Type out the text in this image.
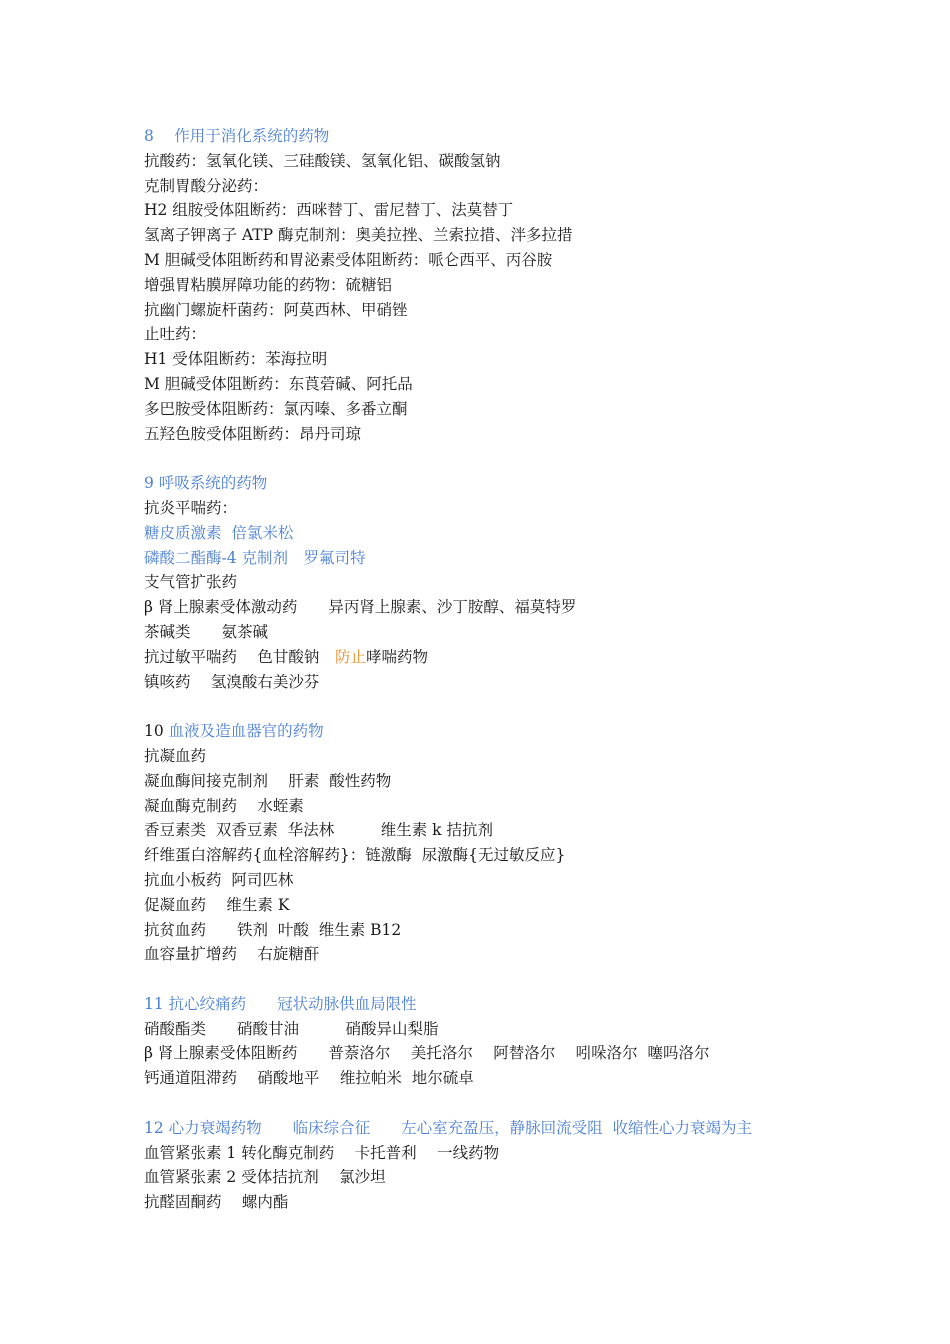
8　 作用于消化系统的药物
抗酸药：氢氧化镁、三硅酸镁、氢氧化铝、碳酸氢钠
克制胃酸分泌药：
H2 组胺受体阻断药：西咪替丁、雷尼替丁、法莫替丁
氢离子钾离子 ATP 酶克制剂：奥美拉挫、兰索拉措、泮多拉措
M 胆碱受体阻断药和胃泌素受体阻断药：哌仑西平、丙谷胺
增强胃粘膜屏障功能的药物：硫糖铝
抗幽门螺旋杆菌药：阿莫西林、甲硝锉
止吐药：
H1 受体阻断药：苯海拉明
M 胆碱受体阻断药：东莨菪碱、阿托品
多巴胺受体阻断药：氯丙嗪、多番立酮
五羟色胺受体阻断药：昂丹司琼
9 呼吸系统的药物
抗炎平喘药：
糖皮质激素  倍氯米松
磷酸二酯酶-4 克制剂　罗氟司特
支气管扩张药
β 肾上腺素受体激动药　　异丙肾上腺素、沙丁胺醇、福莫特罗
茶碱类　　氨茶碱
抗过敏平喘药　 色甘酸钠　防止哮喘药物
镇咳药　 氢溴酸右美沙芬
10 血液及造血器官的药物
抗凝血药
凝血酶间接克制剂　 肝素  酸性药物
凝血酶克制药　 水蛭素
香豆素类  双香豆素  华法林　　　维生素 k 拮抗剂
纤维蛋白溶解药{血栓溶解药}：链激酶  尿激酶{无过敏反应}
抗血小板药  阿司匹林
促凝血药　 维生素 K
抗贫血药　　铁剂  叶酸  维生素 B12
血容量扩增药　 右旋糖酐
11 抗心绞痛药　　冠状动脉供血局限性
硝酸酯类　　硝酸甘油　　　硝酸异山梨脂
β 肾上腺素受体阻断药　　普萘洛尔　 美托洛尔　 阿替洛尔　 吲哚洛尔  噻吗洛尔
钙通道阻滞药　 硝酸地平　 维拉帕米  地尔硫卓
12 心力衰竭药物　　临床综合征　　左心室充盈压，静脉回流受阻  收缩性心力衰竭为主
血管紧张素 1 转化酶克制药　 卡托普利　 一线药物
血管紧张素 2 受体拮抗剂　 氯沙坦
抗醛固酮药　 螺内酯
